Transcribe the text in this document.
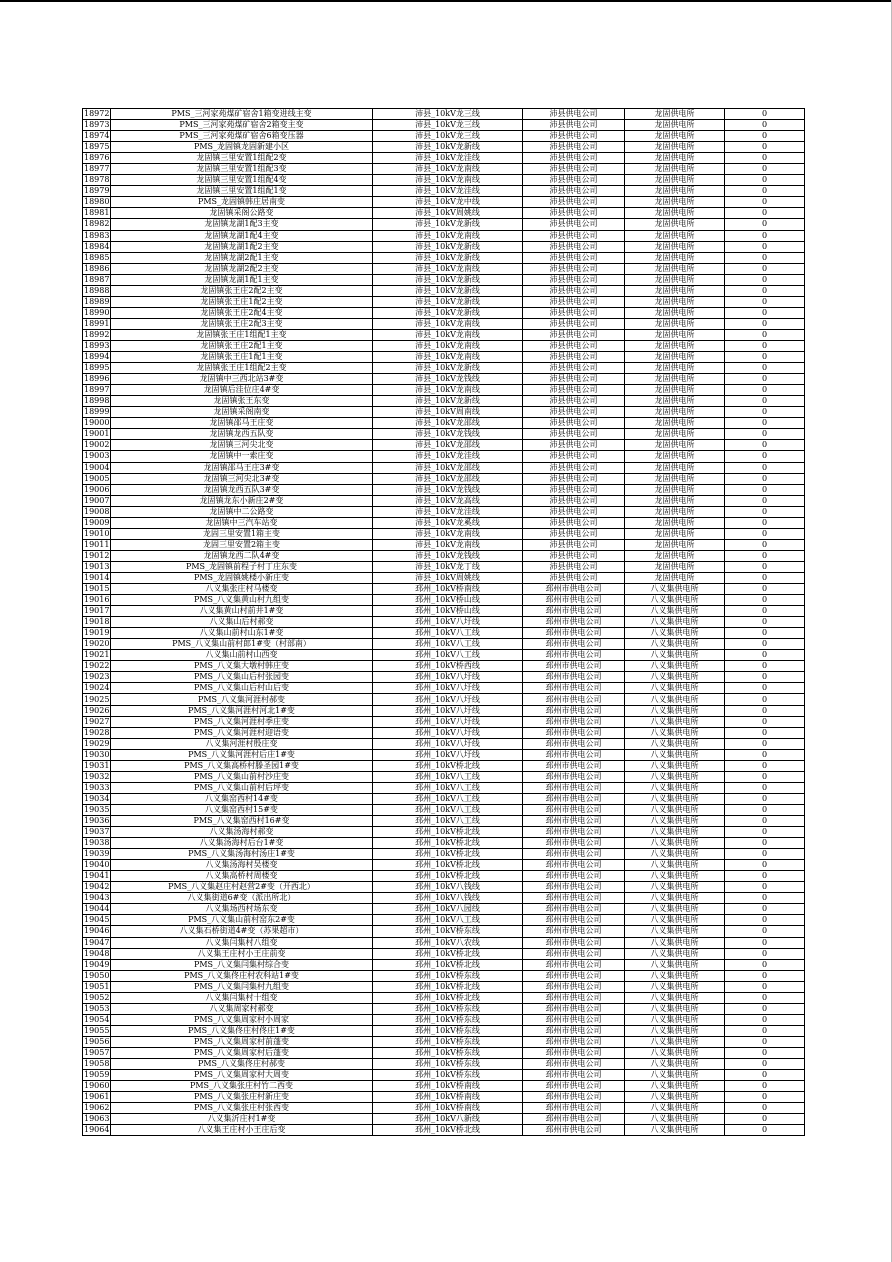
18972	PMS_三河家苑煤矿宿舍1箱变进线主变	沛县_10kV龙三线	沛县供电公司	龙固供电所	0
18973	PMS_三河家苑煤矿宿舍2箱变主变	沛县_10kV龙三线	沛县供电公司	龙固供电所	0
18974	PMS_三河家苑煤矿宿舍6箱变压器	沛县_10kV龙三线	沛县供电公司	龙固供电所	0
18975	PMS_龙固镇龙固新建小区	沛县_10kV龙新线	沛县供电公司	龙固供电所	0
18976	龙固镇三里安置1组配2变	沛县_10kV龙洼线	沛县供电公司	龙固供电所	0
18977	龙固镇三里安置1组配3变	沛县_10kV龙南线	沛县供电公司	龙固供电所	0
18978	龙固镇三里安置1组配4变	沛县_10kV龙南线	沛县供电公司	龙固供电所	0
18979	龙固镇三里安置1组配1变	沛县_10kV龙洼线	沛县供电公司	龙固供电所	0
18980	PMS_龙固镇韩庄居南变	沛县_10kV龙中线	沛县供电公司	龙固供电所	0
18981	龙固镇采阁公路变	沛县_10kV周姚线	沛县供电公司	龙固供电所	0
18982	龙固镇龙湖1配3主变	沛县_10kV龙新线	沛县供电公司	龙固供电所	0
18983	龙固镇龙湖1配4主变	沛县_10kV龙南线	沛县供电公司	龙固供电所	0
18984	龙固镇龙湖1配2主变	沛县_10kV龙新线	沛县供电公司	龙固供电所	0
18985	龙固镇龙湖2配1主变	沛县_10kV龙新线	沛县供电公司	龙固供电所	0
18986	龙固镇龙湖2配2主变	沛县_10kV龙南线	沛县供电公司	龙固供电所	0
18987	龙固镇龙湖1配1主变	沛县_10kV龙新线	沛县供电公司	龙固供电所	0
18988	龙固镇张王庄2配2主变	沛县_10kV龙新线	沛县供电公司	龙固供电所	0
18989	龙固镇张王庄1配2主变	沛县_10kV龙新线	沛县供电公司	龙固供电所	0
18990	龙固镇张王庄2配4主变	沛县_10kV龙新线	沛县供电公司	龙固供电所	0
18991	龙固镇张王庄2配3主变	沛县_10kV龙南线	沛县供电公司	龙固供电所	0
18992	龙固镇张王庄1组配1主变	沛县_10kV龙南线	沛县供电公司	龙固供电所	0
18993	龙固镇张王庄2配1主变	沛县_10kV龙南线	沛县供电公司	龙固供电所	0
18994	龙固镇张王庄1配1主变	沛县_10kV龙南线	沛县供电公司	龙固供电所	0
18995	龙固镇张王庄1组配2主变	沛县_10kV龙新线	沛县供电公司	龙固供电所	0
18996	龙固镇中三西北站3#变	沛县_10kV龙钱线	沛县供电公司	龙固供电所	0
18997	龙固镇后洼位庄4#变	沛县_10kV龙南线	沛县供电公司	龙固供电所	0
18998	龙固镇张王东变	沛县_10kV龙新线	沛县供电公司	龙固供电所	0
18999	龙固镇采阁南变	沛县_10kV周南线	沛县供电公司	龙固供电所	0
19000	龙固镇邵马王庄变	沛县_10kV龙邵线	沛县供电公司	龙固供电所	0
19001	龙固镇龙西五队变	沛县_10kV龙钱线	沛县供电公司	龙固供电所	0
19002	龙固镇三河尖北变	沛县_10kV龙邵线	沛县供电公司	龙固供电所	0
19003	龙固镇中一索庄变	沛县_10kV龙洼线	沛县供电公司	龙固供电所	0
19004	龙固镇邵马王庄3#变	沛县_10kV龙邵线	沛县供电公司	龙固供电所	0
19005	龙固镇三河尖北3#变	沛县_10kV龙邵线	沛县供电公司	龙固供电所	0
19006	龙固镇龙西五队3#变	沛县_10kV龙钱线	沛县供电公司	龙固供电所	0
19007	龙固镇龙东小新庄2#变	沛县_10kV龙高线	沛县供电公司	龙固供电所	0
19008	龙固镇中二公路变	沛县_10kV龙洼线	沛县供电公司	龙固供电所	0
19009	龙固镇中三汽车站变	沛县_10kV龙奚线	沛县供电公司	龙固供电所	0
19010	龙固三里安置1箱主变	沛县_10kV龙南线	沛县供电公司	龙固供电所	0
19011	龙固三里安置2箱主变	沛县_10kV龙南线	沛县供电公司	龙固供电所	0
19012	龙固镇龙西二队4#变	沛县_10kV龙钱线	沛县供电公司	龙固供电所	0
19013	PMS_龙固镇前程子村丁庄东变	沛县_10kV龙丁线	沛县供电公司	龙固供电所	0
19014	PMS_龙固镇姚楼小新庄变	沛县_10kV周姚线	沛县供电公司	龙固供电所	0
19015	八义集张庄村马楼变	邳州_10kV桥南线	邳州市供电公司	八义集供电所	0
19016	PMS_八义集黄山村九组变	邳州_10kV桥山线	邳州市供电公司	八义集供电所	0
19017	八义集黄山村前井1#变	邳州_10kV桥山线	邳州市供电公司	八义集供电所	0
19018	八义集山后村郝变	邳州_10kV八圩线	邳州市供电公司	八义集供电所	0
19019	八义集山前村山东1#变	邳州_10kV八工线	邳州市供电公司	八义集供电所	0
19020	PMS_八义集山前村郎1#变（村部南）	邳州_10kV八工线	邳州市供电公司	八义集供电所	0
19021	八义集山前村山西变	邳州_10kV八工线	邳州市供电公司	八义集供电所	0
19022	PMS_八义集大墩村韩庄变	邳州_10kV桥西线	邳州市供电公司	八义集供电所	0
19023	PMS_八义集山后村张园变	邳州_10kV八圩线	邳州市供电公司	八义集供电所	0
19024	PMS_八义集山后村山后变	邳州_10kV八圩线	邳州市供电公司	八义集供电所	0
19025	PMS_八义集河涯村郝变	邳州_10kV八圩线	邳州市供电公司	八义集供电所	0
19026	PMS_八义集河涯村河北1#变	邳州_10kV八圩线	邳州市供电公司	八义集供电所	0
19027	PMS_八义集河涯村季庄变	邳州_10kV八圩线	邳州市供电公司	八义集供电所	0
19028	PMS_八义集河涯村迎语变	邳州_10kV八圩线	邳州市供电公司	八义集供电所	0
19029	八义集河涯村殷庄变	邳州_10kV八圩线	邳州市供电公司	八义集供电所	0
19030	PMS_八义集河涯村后庄1#变	邳州_10kV八圩线	邳州市供电公司	八义集供电所	0
19031	PMS_八义集高桥村滕圣园1#变	邳州_10kV桥北线	邳州市供电公司	八义集供电所	0
19032	PMS_八义集山前村沙庄变	邳州_10kV八工线	邳州市供电公司	八义集供电所	0
19033	PMS_八义集山前村后坪变	邳州_10kV八工线	邳州市供电公司	八义集供电所	0
19034	八义集窑西村14#变	邳州_10kV八工线	邳州市供电公司	八义集供电所	0
19035	八义集窑西村15#变	邳州_10kV八工线	邳州市供电公司	八义集供电所	0
19036	PMS_八义集窑西村16#变	邳州_10kV八工线	邳州市供电公司	八义集供电所	0
19037	八义集汤海村郝变	邳州_10kV桥北线	邳州市供电公司	八义集供电所	0
19038	八义集汤海村后台1#变	邳州_10kV桥北线	邳州市供电公司	八义集供电所	0
19039	PMS_八义集汤海村汤庄1#变	邳州_10kV桥北线	邳州市供电公司	八义集供电所	0
19040	八义集汤海村吴楼变	邳州_10kV桥北线	邳州市供电公司	八义集供电所	0
19041	八义集高桥村周楼变	邳州_10kV桥北线	邳州市供电公司	八义集供电所	0
19042	PMS_八义集赵庄村赵营2#变（开西北）	邳州_10kV八钱线	邳州市供电公司	八义集供电所	0
19043	八义集街道6#变（派出所北）	邳州_10kV八钱线	邳州市供电公司	八义集供电所	0
19044	八义集场西村场东变	邳州_10kV八园线	邳州市供电公司	八义集供电所	0
19045	PMS_八义集山前村窑东2#变	邳州_10kV八工线	邳州市供电公司	八义集供电所	0
19046	八义集石桥街道4#变（苏果超市）	邳州_10kV桥东线	邳州市供电公司	八义集供电所	0
19047	八义集闫集村八组变	邳州_10kV八农线	邳州市供电公司	八义集供电所	0
19048	八义集王庄村小王庄前变	邳州_10kV桥北线	邳州市供电公司	八义集供电所	0
19049	PMS_八义集闫集村综合变	邳州_10kV桥北线	邳州市供电公司	八义集供电所	0
19050	PMS_八义集佟庄村农科站1#变	邳州_10kV桥东线	邳州市供电公司	八义集供电所	0
19051	PMS_八义集闫集村九组变	邳州_10kV桥北线	邳州市供电公司	八义集供电所	0
19052	八义集闫集村十组变	邳州_10kV桥北线	邳州市供电公司	八义集供电所	0
19053	八义集周家村郝变	邳州_10kV桥东线	邳州市供电公司	八义集供电所	0
19054	PMS_八义集周家村小周家	邳州_10kV桥东线	邳州市供电公司	八义集供电所	0
19055	PMS_八义集佟庄村佟庄1#变	邳州_10kV桥东线	邳州市供电公司	八义集供电所	0
19056	PMS_八义集周家村前蓬变	邳州_10kV桥东线	邳州市供电公司	八义集供电所	0
19057	PMS_八义集周家村后蓬变	邳州_10kV桥东线	邳州市供电公司	八义集供电所	0
19058	PMS_八义集佟庄村郝变	邳州_10kV桥东线	邳州市供电公司	八义集供电所	0
19059	PMS_八义集周家村大周变	邳州_10kV桥东线	邳州市供电公司	八义集供电所	0
19060	PMS_八义集张庄村竹二西变	邳州_10kV桥南线	邳州市供电公司	八义集供电所	0
19061	PMS_八义集张庄村新庄变	邳州_10kV桥南线	邳州市供电公司	八义集供电所	0
19062	PMS_八义集张庄村张西变	邳州_10kV桥南线	邳州市供电公司	八义集供电所	0
19063	八义集沂庄村1#变	邳州_10kV八新线	邳州市供电公司	八义集供电所	0
19064	八义集王庄村小王庄后变	邳州_10kV桥北线	邳州市供电公司	八义集供电所	0
